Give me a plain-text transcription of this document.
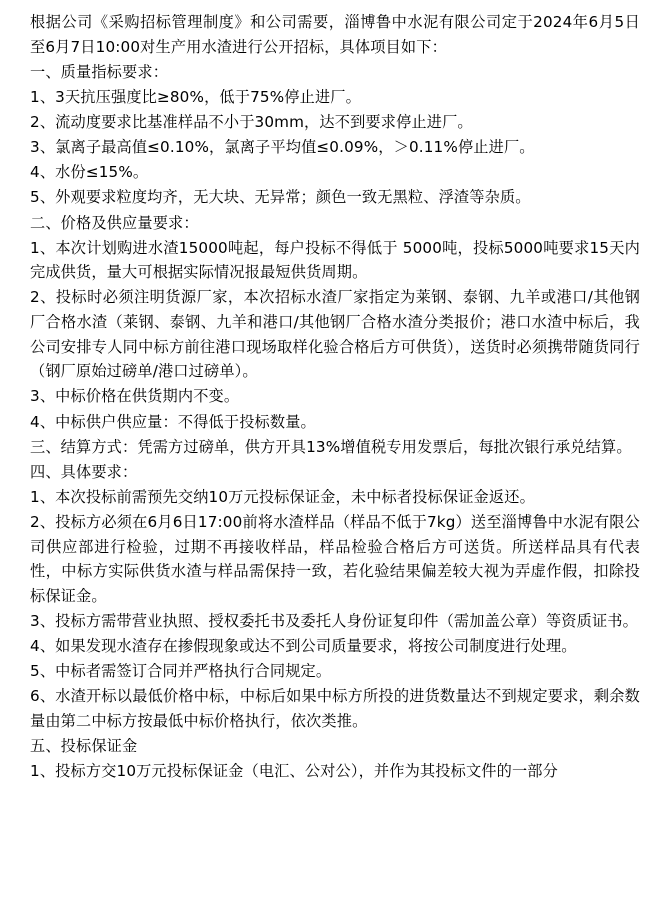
根据公司《采购招标管理制度》和公司需要，淄博鲁中水泥有限公司定于2024年6月5日至6月7日10:00对生产用水渣进行公开招标，具体项目如下：

一、质量指标要求：

1、3天抗压强度比≥80%，低于75%停止进厂。

2、流动度要求比基准样品不小于30mm，达不到要求停止进厂。

3、氯离子最高值≤0.10%，氯离子平均值≤0.09%，＞0.11%停止进厂。

4、水份≤15%。

5、外观要求粒度均齐，无大块、无异常；颜色一致无黑粒、浮渣等杂质。

二、价格及供应量要求：

1、本次计划购进水渣15000吨起，每户投标不得低于 5000吨，投标5000吨要求15天内完成供货，量大可根据实际情况报最短供货周期。

2、投标时必须注明货源厂家，本次招标水渣厂家指定为莱钢、泰钢、九羊或港口/其他钢厂合格水渣（莱钢、泰钢、九羊和港口/其他钢厂合格水渣分类报价；港口水渣中标后，我公司安排专人同中标方前往港口现场取样化验合格后方可供货），送货时必须携带随货同行（钢厂原始过磅单/港口过磅单）。

3、中标价格在供货期内不变。

4、中标供户供应量：不得低于投标数量。

三、结算方式：凭需方过磅单，供方开具13%增值税专用发票后，每批次银行承兑结算。

四、具体要求：

1、本次投标前需预先交纳10万元投标保证金，未中标者投标保证金返还。

2、投标方必须在6月6日17:00前将水渣样品（样品不低于7kg）送至淄博鲁中水泥有限公司供应部进行检验，过期不再接收样品，样品检验合格后方可送货。所送样品具有代表性，中标方实际供货水渣与样品需保持一致，若化验结果偏差较大视为弄虚作假，扣除投标保证金。

3、投标方需带营业执照、授权委托书及委托人身份证复印件（需加盖公章）等资质证书。

4、如果发现水渣存在掺假现象或达不到公司质量要求，将按公司制度进行处理。

5、中标者需签订合同并严格执行合同规定。

6、水渣开标以最低价格中标，中标后如果中标方所投的进货数量达不到规定要求，剩余数量由第二中标方按最低中标价格执行，依次类推。

五、投标保证金

1、投标方交10万元投标保证金（电汇、公对公），并作为其投标文件的一部分
